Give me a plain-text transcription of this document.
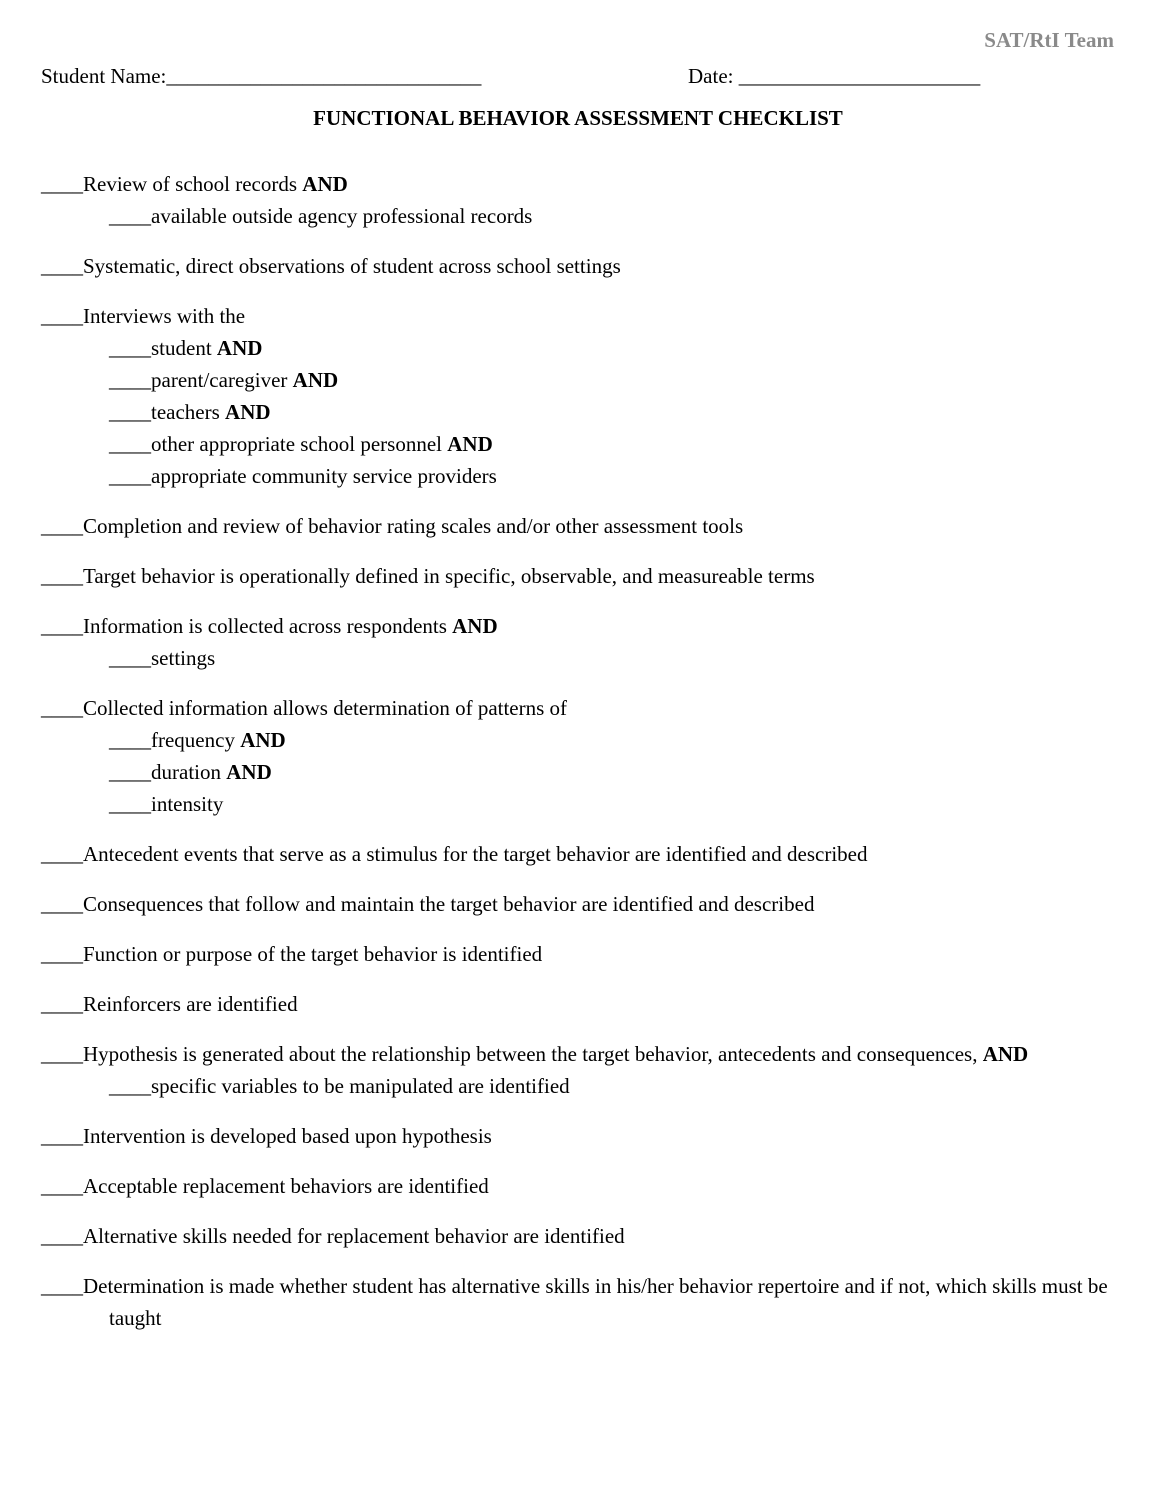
SAT/RtI Team
Student Name:______________________________	Date: _______________________
FUNCTIONAL BEHAVIOR ASSESSMENT CHECKLIST
____Review of school records AND
____available outside agency professional records
____Systematic, direct observations of student across school settings
____Interviews with the
____student AND
____parent/caregiver AND
____teachers AND
____other appropriate school personnel AND
____appropriate community service providers
____Completion and review of behavior rating scales and/or other assessment tools
____Target behavior is operationally defined in specific, observable, and measureable terms
____Information is collected across respondents AND
____settings
____Collected information allows determination of patterns of
____frequency AND
____duration AND
____intensity
____Antecedent events that serve as a stimulus for the target behavior are identified and described
____Consequences that follow and maintain the target behavior are identified and described
____Function or purpose of the target behavior is identified
____Reinforcers are identified
____Hypothesis is generated about the relationship between the target behavior, antecedents and consequences, AND
____specific variables to be manipulated are identified
____Intervention is developed based upon hypothesis
____Acceptable replacement behaviors are identified
____Alternative skills needed for replacement behavior are identified
____Determination is made whether student has alternative skills in his/her behavior repertoire and if not, which skills must be taught
